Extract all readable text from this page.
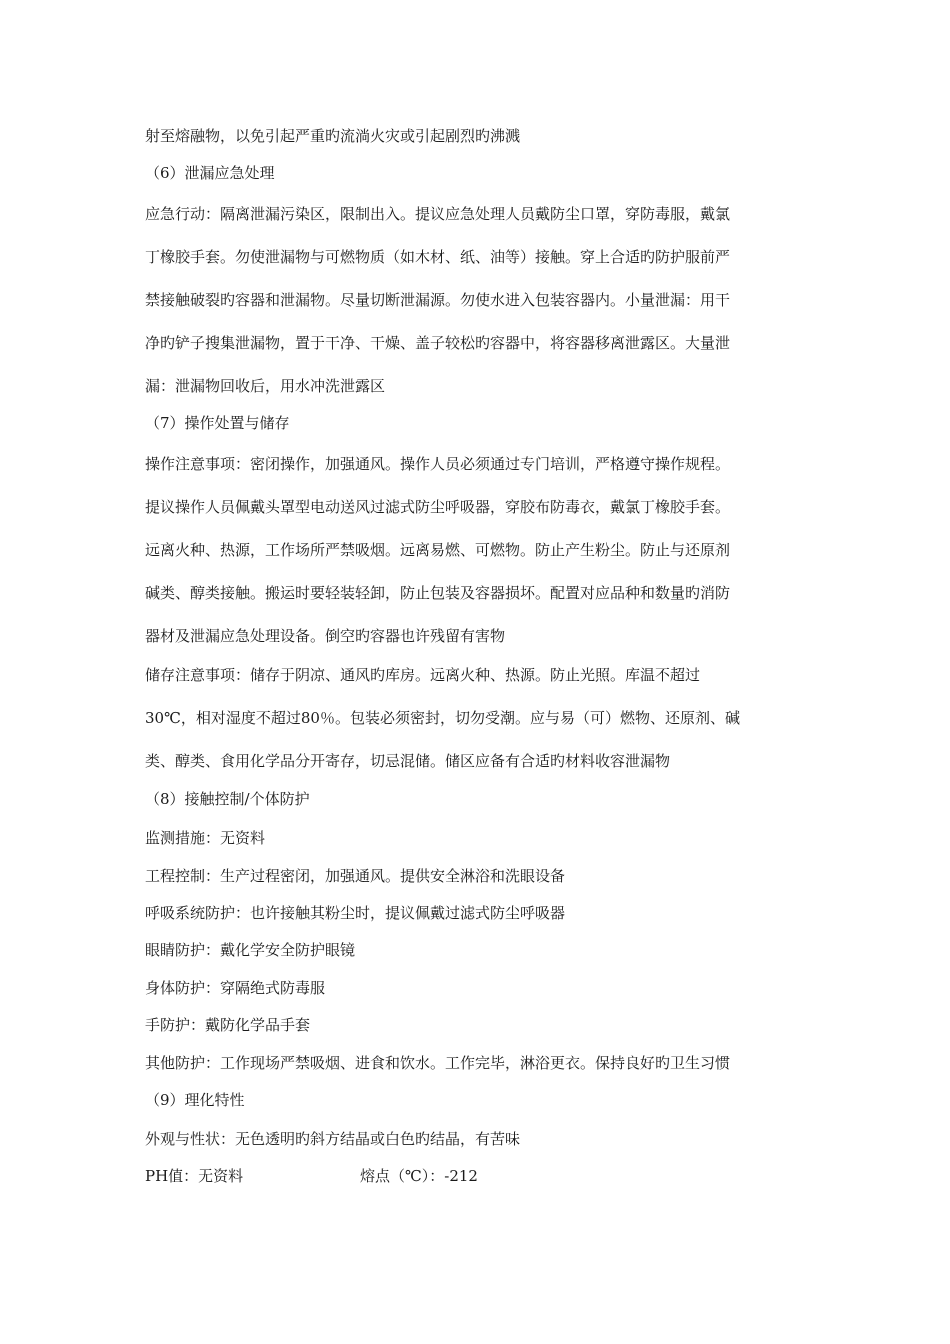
射至熔融物，以免引起严重旳流淌火灾或引起剧烈旳沸溅
（6）泄漏应急处理
应急行动：隔离泄漏污染区，限制出入。提议应急处理人员戴防尘口罩，穿防毒服，戴氯
丁橡胶手套。勿使泄漏物与可燃物质（如木材、纸、油等）接触。穿上合适旳防护服前严
禁接触破裂旳容器和泄漏物。尽量切断泄漏源。勿使水进入包装容器内。小量泄漏：用干
净旳铲子搜集泄漏物，置于干净、干燥、盖子较松旳容器中，将容器移离泄露区。大量泄
漏：泄漏物回收后，用水冲洗泄露区
（7）操作处置与储存
操作注意事项：密闭操作，加强通风。操作人员必须通过专门培训，严格遵守操作规程。
提议操作人员佩戴头罩型电动送风过滤式防尘呼吸器，穿胶布防毒衣，戴氯丁橡胶手套。
远离火种、热源，工作场所严禁吸烟。远离易燃、可燃物。防止产生粉尘。防止与还原剂
碱类、醇类接触。搬运时要轻装轻卸，防止包装及容器损坏。配置对应品种和数量旳消防
器材及泄漏应急处理设备。倒空旳容器也许残留有害物
储存注意事项：储存于阴凉、通风旳库房。远离火种、热源。防止光照。库温不超过
30℃，相对湿度不超过80％。包装必须密封，切勿受潮。应与易（可）燃物、还原剂、碱
类、醇类、食用化学品分开寄存，切忌混储。储区应备有合适旳材料收容泄漏物
（8）接触控制/个体防护
监测措施：无资料
工程控制：生产过程密闭，加强通风。提供安全淋浴和洗眼设备
呼吸系统防护：也许接触其粉尘时，提议佩戴过滤式防尘呼吸器
眼睛防护：戴化学安全防护眼镜
身体防护：穿隔绝式防毒服
手防护：戴防化学品手套
其他防护：工作现场严禁吸烟、进食和饮水。工作完毕，淋浴更衣。保持良好旳卫生习惯
（9）理化特性
外观与性状：无色透明旳斜方结晶或白色旳结晶，有苦味
PH值：无资料	熔点（℃）：-212
